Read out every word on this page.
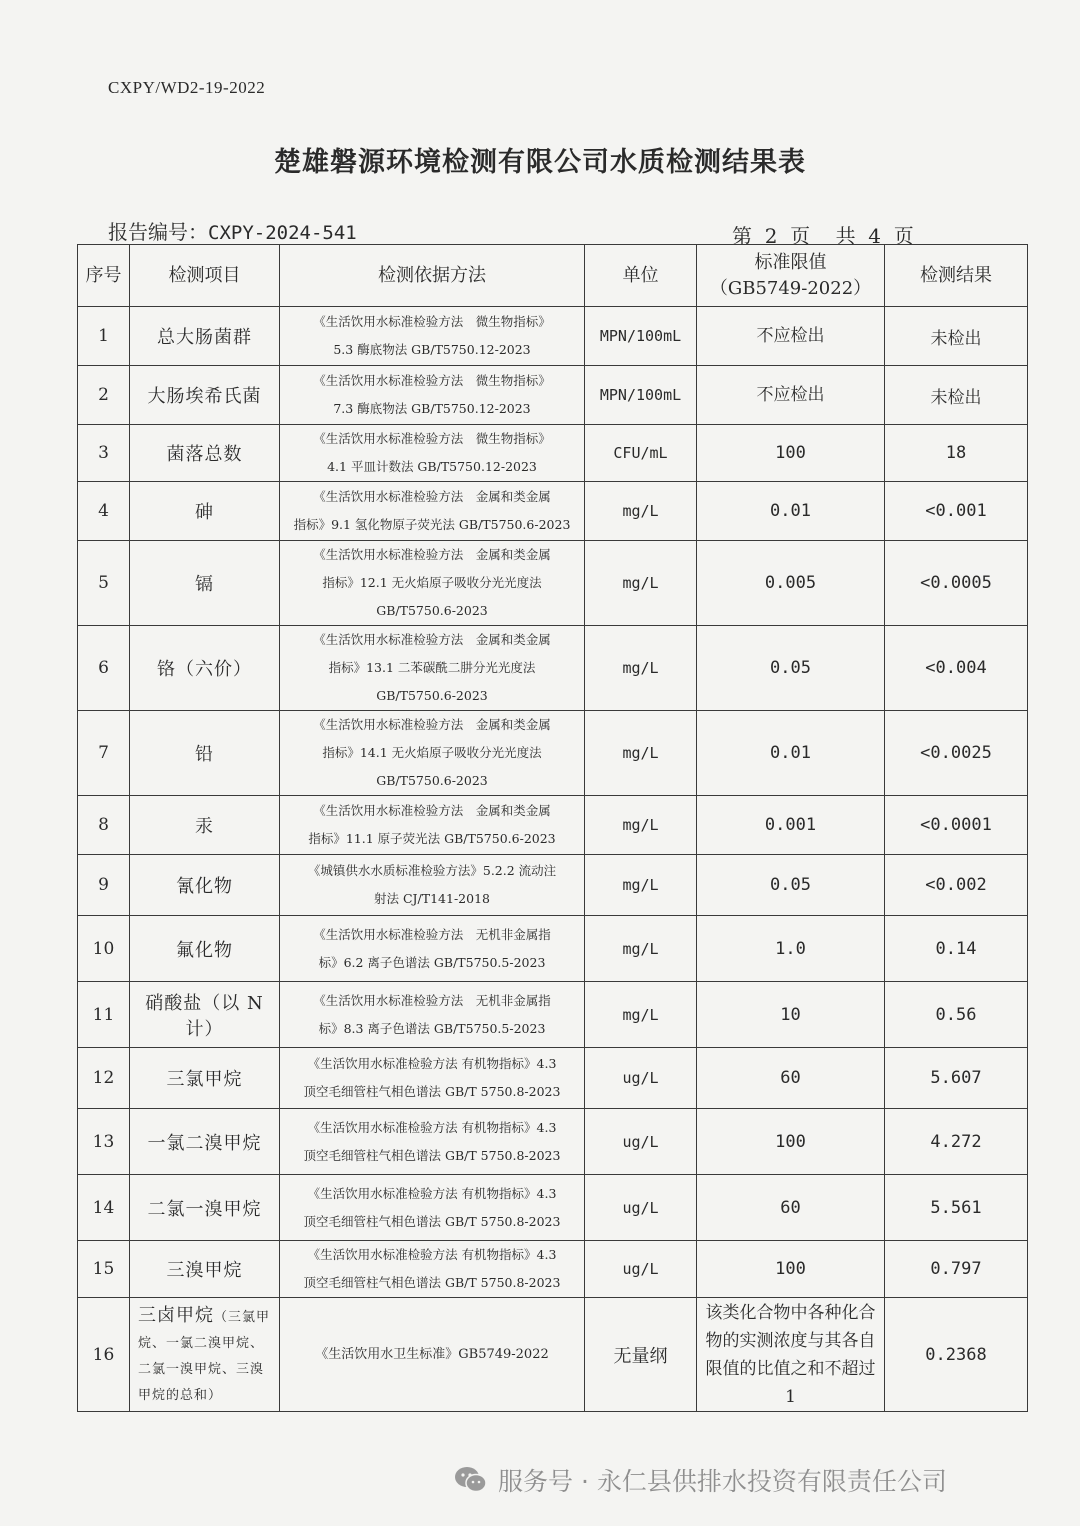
CXPY/WD2-19-2022
楚雄磐源环境检测有限公司水质检测结果表
报告编号：CXPY-2024-541	第  2  页    共  4  页
序号	检测项目	检测依据方法	单位	标准限值
（GB5749-2022）	检测结果
1	总大肠菌群	《生活饮用水标准检验方法　微生物指标》
5.3 酶底物法 GB/T5750.12-2023	MPN/100mL	不应检出	未检出
2	大肠埃希氏菌	《生活饮用水标准检验方法　微生物指标》
7.3 酶底物法 GB/T5750.12-2023	MPN/100mL	不应检出	未检出
3	菌落总数	《生活饮用水标准检验方法　微生物指标》
4.1 平皿计数法 GB/T5750.12-2023	CFU/mL	100	18
4	砷	《生活饮用水标准检验方法　金属和类金属
指标》9.1 氢化物原子荧光法 GB/T5750.6-2023	mg/L	0.01	<0.001
5	镉	《生活饮用水标准检验方法　金属和类金属
指标》12.1 无火焰原子吸收分光光度法
GB/T5750.6-2023	mg/L	0.005	<0.0005
6	铬（六价）	《生活饮用水标准检验方法　金属和类金属
指标》13.1 二苯碳酰二肼分光光度法
GB/T5750.6-2023	mg/L	0.05	<0.004
7	铅	《生活饮用水标准检验方法　金属和类金属
指标》14.1 无火焰原子吸收分光光度法
GB/T5750.6-2023	mg/L	0.01	<0.0025
8	汞	《生活饮用水标准检验方法　金属和类金属
指标》11.1 原子荧光法 GB/T5750.6-2023	mg/L	0.001	<0.0001
9	氰化物	《城镇供水水质标准检验方法》5.2.2 流动注
射法 CJ/T141-2018	mg/L	0.05	<0.002
10	氟化物	《生活饮用水标准检验方法　无机非金属指
标》6.2 离子色谱法 GB/T5750.5-2023	mg/L	1.0	0.14
11	硝酸盐（以 N 计）	《生活饮用水标准检验方法　无机非金属指
标》8.3 离子色谱法 GB/T5750.5-2023	mg/L	10	0.56
12	三氯甲烷	《生活饮用水标准检验方法 有机物指标》4.3
顶空毛细管柱气相色谱法 GB/T 5750.8-2023	ug/L	60	5.607
13	一氯二溴甲烷	《生活饮用水标准检验方法 有机物指标》4.3
顶空毛细管柱气相色谱法 GB/T 5750.8-2023	ug/L	100	4.272
14	二氯一溴甲烷	《生活饮用水标准检验方法 有机物指标》4.3
顶空毛细管柱气相色谱法 GB/T 5750.8-2023	ug/L	60	5.561
15	三溴甲烷	《生活饮用水标准检验方法 有机物指标》4.3
顶空毛细管柱气相色谱法 GB/T 5750.8-2023	ug/L	100	0.797
16	三卤甲烷（三氯甲烷、一氯二溴甲烷、二氯一溴甲烷、三溴甲烷的总和）	《生活饮用水卫生标准》GB5749-2022	无量纲	该类化合物中各种化合物的实测浓度与其各自限值的比值之和不超过 1	0.2368
服务号 · 永仁县供排水投资有限责任公司
